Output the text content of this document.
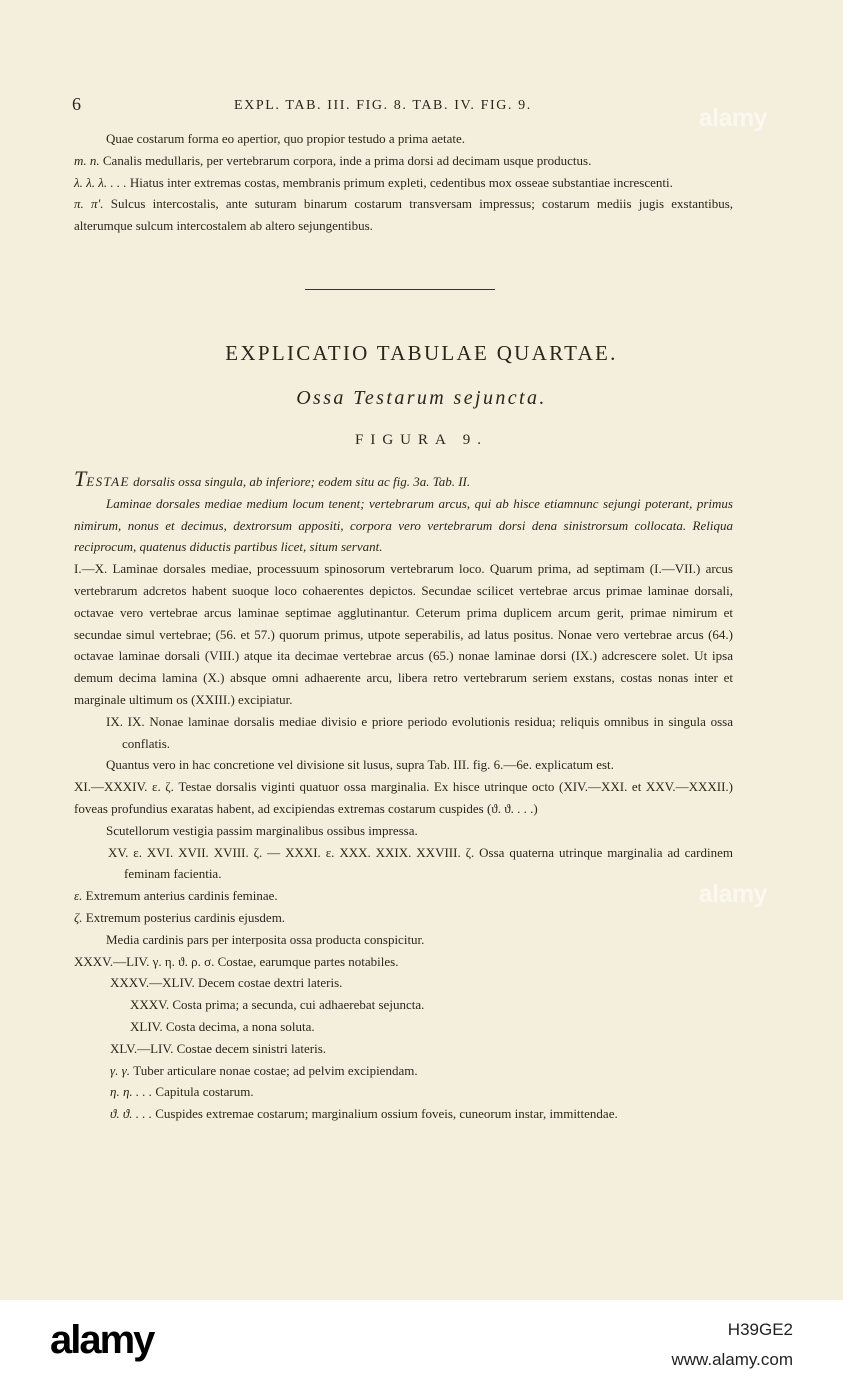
6	EXPL. TAB. III. FIG. 8. TAB. IV. FIG. 9.

Quae costarum forma eo apertior, quo propior testudo a prima aetate.

m. n. Canalis medullaris, per vertebrarum corpora, inde a prima dorsi ad decimam usque productus.

λ. λ. λ. . . . Hiatus inter extremas costas, membranis primum expleti, cedentibus mox osseae substantiae increscenti.

π. π'. Sulcus intercostalis, ante suturam binarum costarum transversam impressus; costarum mediis jugis exstantibus, alterumque sulcum intercostalem ab altero sejungentibus.

EXPLICATIO TABULAE QUARTAE.
Ossa Testarum sejuncta.
FIGURA 9.

TESTAE dorsalis ossa singula, ab inferiore; eodem situ ac fig. 3a. Tab. II.

Laminae dorsales mediae medium locum tenent; vertebrarum arcus, qui ab hisce etiamnunc sejungi poterant, primus nimirum, nonus et decimus, dextrorsum appositi, corpora vero vertebrarum dorsi dena sinistrorsum collocata. Reliqua reciprocum, quatenus diductis partibus licet, situm servant.

I.—X. Laminae dorsales mediae, processuum spinosorum vertebrarum loco. Quarum prima, ad septimam (I.—VII.) arcus vertebrarum adcretos habent suoque loco cohaerentes depictos. Secundae scilicet vertebrae arcus primae laminae dorsali, octavae vero vertebrae arcus laminae septimae agglutinantur. Ceterum prima duplicem arcum gerit, primae nimirum et secundae simul vertebrae; (56. et 57.) quorum primus, utpote seperabilis, ad latus positus. Nonae vero vertebrae arcus (64.) octavae laminae dorsali (VIII.) atque ita decimae vertebrae arcus (65.) nonae laminae dorsi (IX.) adcrescere solet. Ut ipsa demum decima lamina (X.) absque omni adhaerente arcu, libera retro vertebrarum seriem exstans, costas nonas inter et marginale ultimum os (XXIII.) excipiatur.

IX. IX. Nonae laminae dorsalis mediae divisio e priore periodo evolutionis residua; reliquis omnibus in singula ossa conflatis.

Quantus vero in hac concretione vel divisione sit lusus, supra Tab. III. fig. 6.—6e. explicatum est.

XI.—XXXIV. ε. ζ. Testae dorsalis viginti quatuor ossa marginalia. Ex hisce utrinque octo (XIV.—XXI. et XXV.—XXXII.) foveas profundius exaratas habent, ad excipiendas extremas costarum cuspides (ϑ. ϑ. . . .)

Scutellorum vestigia passim marginalibus ossibus impressa.

XV. ε. XVI. XVII. XVIII. ζ. — XXXI. ε. XXX. XXIX. XXVIII. ζ. Ossa quaterna utrinque marginalia ad cardinem feminam facientia.

ε. Extremum anterius cardinis feminae.

ζ. Extremum posterius cardinis ejusdem.

Media cardinis pars per interposita ossa producta conspicitur.

XXXV.—LIV. γ. η. ϑ. ρ. σ. Costae, earumque partes notabiles.

XXXV.—XLIV. Decem costae dextri lateris.

XXXV. Costa prima; a secunda, cui adhaerebat sejuncta.

XLIV. Costa decima, a nona soluta.

XLV.—LIV. Costae decem sinistri lateris.

γ. γ. Tuber articulare nonae costae; ad pelvim excipiendam.

η. η. . . . Capitula costarum.

ϑ. ϑ. . . . Cuspides extremae costarum; marginalium ossium foveis, cuneorum instar, immittendae.

alamy
alamy
alamy	H39GE2
www.alamy.com
